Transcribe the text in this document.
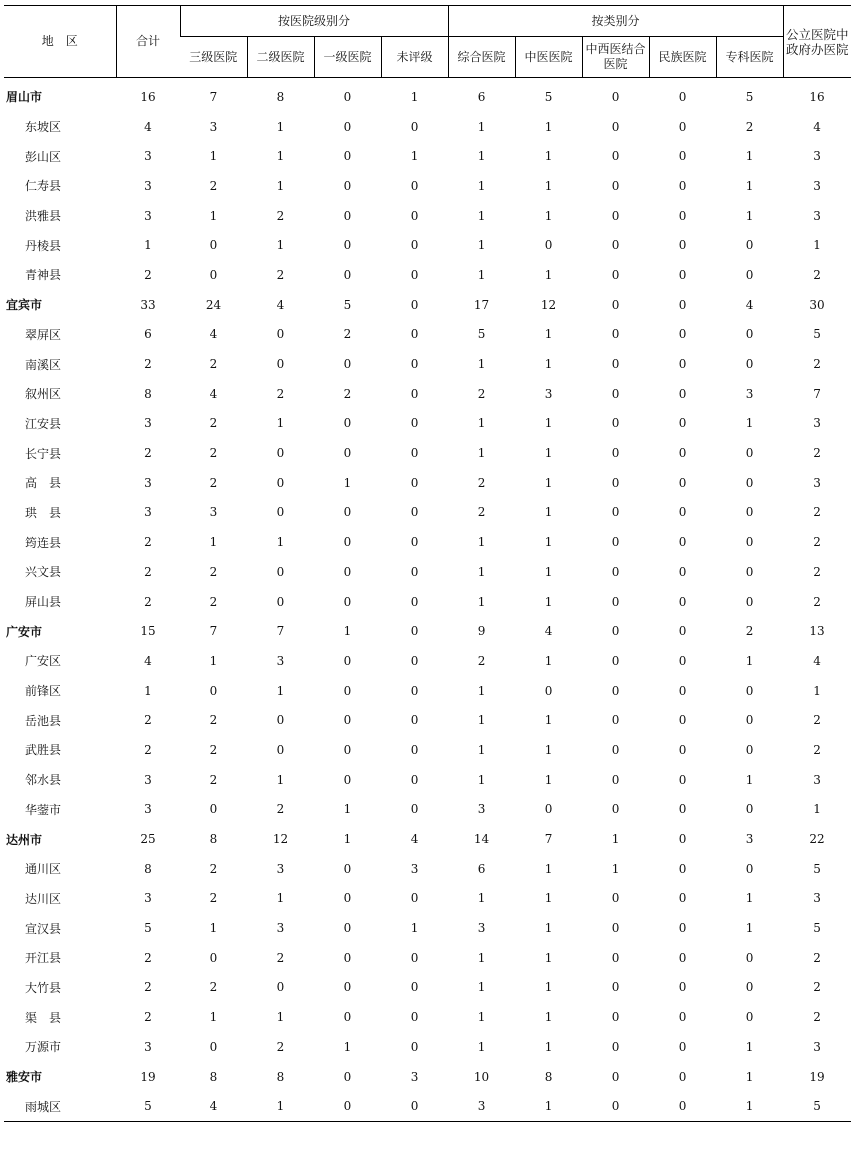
地　区	合计	按医院级别分				按类别分					公立医院中政府办医院
		三级医院	二级医院	一级医院	未评级	综合医院	中医医院	中西医结合医院	民族医院	专科医院	
眉山市	16	7	8	0	1	6	5	0	0	5	16
东坡区	4	3	1	0	0	1	1	0	0	2	4
彭山区	3	1	1	0	1	1	1	0	0	1	3
仁寿县	3	2	1	0	0	1	1	0	0	1	3
洪雅县	3	1	2	0	0	1	1	0	0	1	3
丹棱县	1	0	1	0	0	1	0	0	0	0	1
青神县	2	0	2	0	0	1	1	0	0	0	2
宜宾市	33	24	4	5	0	17	12	0	0	4	30
翠屏区	6	4	0	2	0	5	1	0	0	0	5
南溪区	2	2	0	0	0	1	1	0	0	0	2
叙州区	8	4	2	2	0	2	3	0	0	3	7
江安县	3	2	1	0	0	1	1	0	0	1	3
长宁县	2	2	0	0	0	1	1	0	0	0	2
高　县	3	2	0	1	0	2	1	0	0	0	3
珙　县	3	3	0	0	0	2	1	0	0	0	2
筠连县	2	1	1	0	0	1	1	0	0	0	2
兴文县	2	2	0	0	0	1	1	0	0	0	2
屏山县	2	2	0	0	0	1	1	0	0	0	2
广安市	15	7	7	1	0	9	4	0	0	2	13
广安区	4	1	3	0	0	2	1	0	0	1	4
前锋区	1	0	1	0	0	1	0	0	0	0	1
岳池县	2	2	0	0	0	1	1	0	0	0	2
武胜县	2	2	0	0	0	1	1	0	0	0	2
邻水县	3	2	1	0	0	1	1	0	0	1	3
华蓥市	3	0	2	1	0	3	0	0	0	0	1
达州市	25	8	12	1	4	14	7	1	0	3	22
通川区	8	2	3	0	3	6	1	1	0	0	5
达川区	3	2	1	0	0	1	1	0	0	1	3
宣汉县	5	1	3	0	1	3	1	0	0	1	5
开江县	2	0	2	0	0	1	1	0	0	0	2
大竹县	2	2	0	0	0	1	1	0	0	0	2
渠　县	2	1	1	0	0	1	1	0	0	0	2
万源市	3	0	2	1	0	1	1	0	0	1	3
雅安市	19	8	8	0	3	10	8	0	0	1	19
雨城区	5	4	1	0	0	3	1	0	0	1	5
